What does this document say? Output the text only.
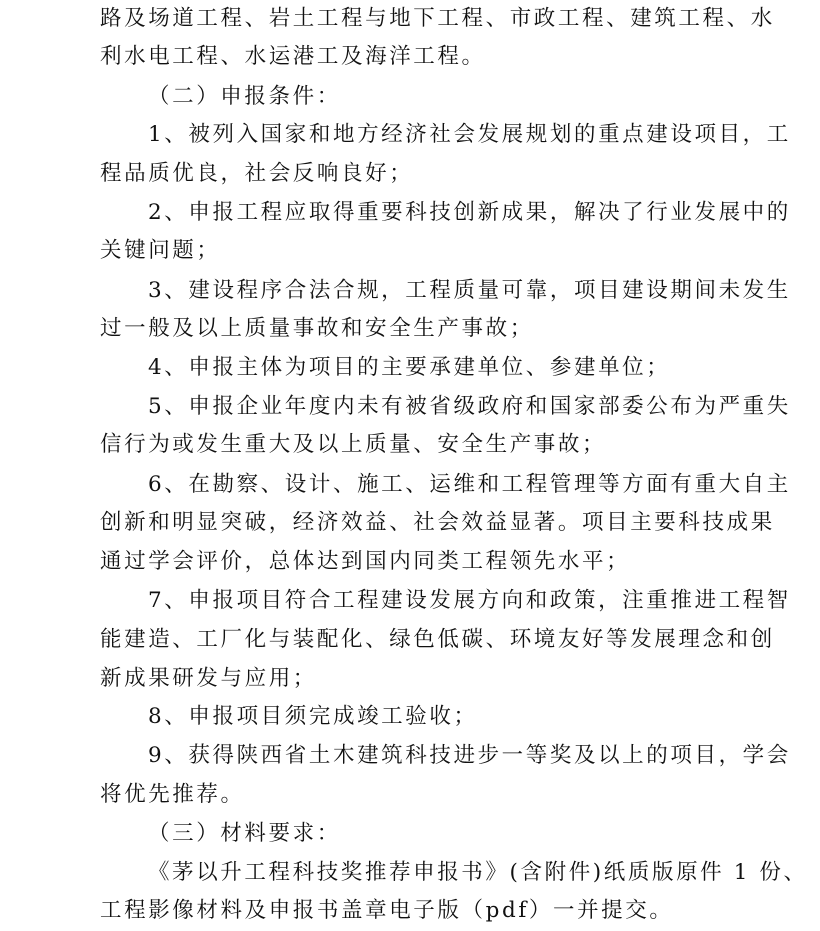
路及场道工程、岩土工程与地下工程、市政工程、建筑工程、水
利水电工程、水运港工及海洋工程。
（二）申报条件：
1、被列入国家和地方经济社会发展规划的重点建设项目，工
程品质优良，社会反响良好；
2、申报工程应取得重要科技创新成果，解决了行业发展中的
关键问题；
3、建设程序合法合规，工程质量可靠，项目建设期间未发生
过一般及以上质量事故和安全生产事故；
4、申报主体为项目的主要承建单位、参建单位；
5、申报企业年度内未有被省级政府和国家部委公布为严重失
信行为或发生重大及以上质量、安全生产事故；
6、在勘察、设计、施工、运维和工程管理等方面有重大自主
创新和明显突破，经济效益、社会效益显著。项目主要科技成果
通过学会评价，总体达到国内同类工程领先水平；
7、申报项目符合工程建设发展方向和政策，注重推进工程智
能建造、工厂化与装配化、绿色低碳、环境友好等发展理念和创
新成果研发与应用；
8、申报项目须完成竣工验收；
9、获得陕西省土木建筑科技进步一等奖及以上的项目，学会
将优先推荐。
（三）材料要求：
《茅以升工程科技奖推荐申报书》(含附件)纸质版原件 1 份、
工程影像材料及申报书盖章电子版（pdf）一并提交。
